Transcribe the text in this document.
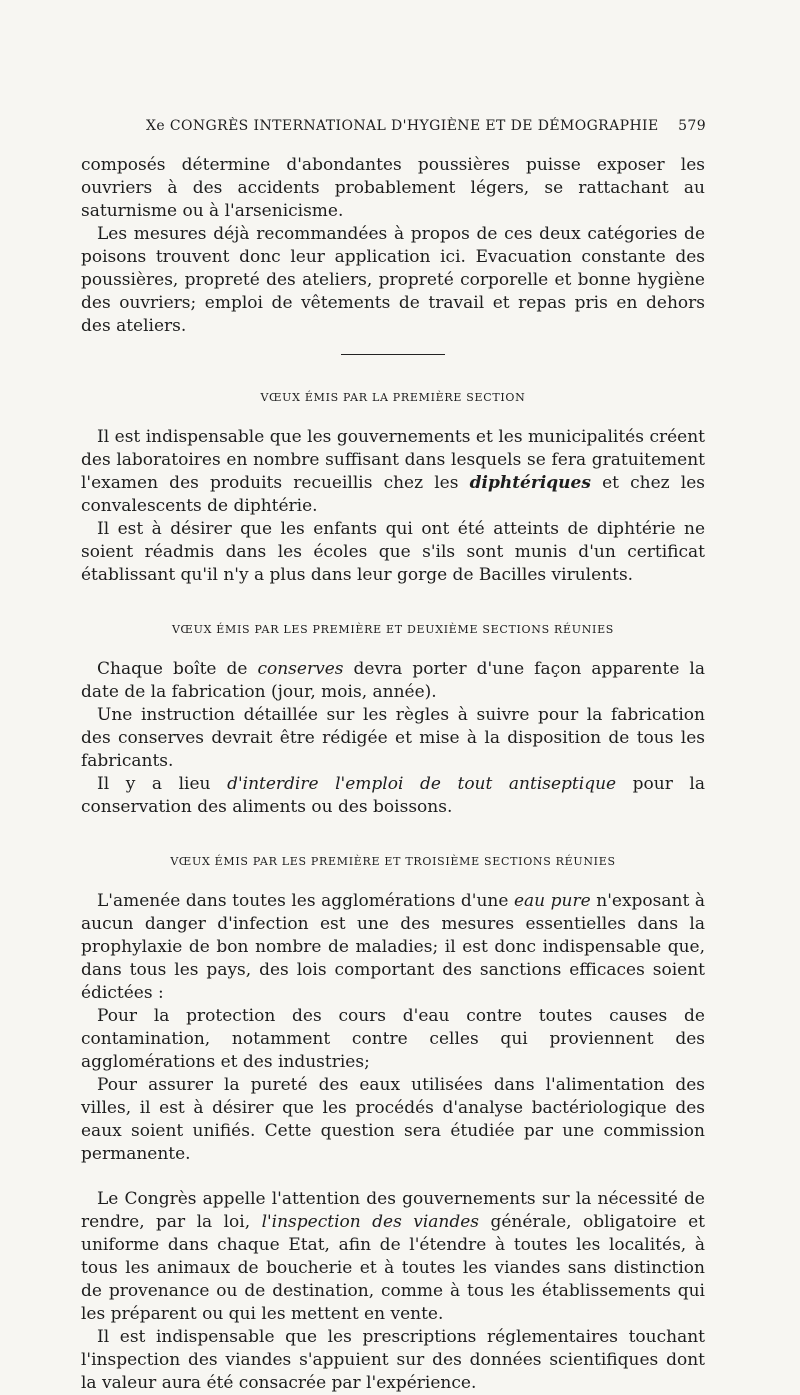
Xe CONGRÈS INTERNATIONAL D'HYGIÈNE ET DE DÉMOGRAPHIE 579

composés détermine d'abondantes poussières puisse exposer les ouvriers à des accidents probablement légers, se rattachant au saturnisme ou à l'arsenicisme.

Les mesures déjà recommandées à propos de ces deux catégories de poisons trouvent donc leur application ici. Evacuation constante des poussières, propreté des ateliers, propreté corporelle et bonne hygiène des ouvriers; emploi de vêtements de travail et repas pris en dehors des ateliers.

VŒUX ÉMIS PAR LA PREMIÈRE SECTION

Il est indispensable que les gouvernements et les municipalités créent des laboratoires en nombre suffisant dans lesquels se fera gratuitement l'examen des produits recueillis chez les diphtériques et chez les convalescents de diphtérie.

Il est à désirer que les enfants qui ont été atteints de diphtérie ne soient réadmis dans les écoles que s'ils sont munis d'un certificat établissant qu'il n'y a plus dans leur gorge de Bacilles virulents.

VŒUX ÉMIS PAR LES PREMIÈRE ET DEUXIÈME SECTIONS RÉUNIES

Chaque boîte de conserves devra porter d'une façon apparente la date de la fabrication (jour, mois, année).

Une instruction détaillée sur les règles à suivre pour la fabrication des conserves devrait être rédigée et mise à la disposition de tous les fabricants.

Il y a lieu d'interdire l'emploi de tout antiseptique pour la conservation des aliments ou des boissons.

VŒUX ÉMIS PAR LES PREMIÈRE ET TROISIÈME SECTIONS RÉUNIES

L'amenée dans toutes les agglomérations d'une eau pure n'exposant à aucun danger d'infection est une des mesures essentielles dans la prophylaxie de bon nombre de maladies; il est donc indispensable que, dans tous les pays, des lois comportant des sanctions efficaces soient édictées :

Pour la protection des cours d'eau contre toutes causes de contamination, notamment contre celles qui proviennent des agglomérations et des industries;

Pour assurer la pureté des eaux utilisées dans l'alimentation des villes, il est à désirer que les procédés d'analyse bactériologique des eaux soient unifiés. Cette question sera étudiée par une commission permanente.

Le Congrès appelle l'attention des gouvernements sur la nécessité de rendre, par la loi, l'inspection des viandes générale, obligatoire et uniforme dans chaque Etat, afin de l'étendre à toutes les localités, à tous les animaux de boucherie et à toutes les viandes sans distinction de provenance ou de destination, comme à tous les établissements qui les préparent ou qui les mettent en vente.

Il est indispensable que les prescriptions réglementaires touchant l'inspection des viandes s'appuient sur des données scientifiques dont la valeur aura été consacrée par l'expérience.
